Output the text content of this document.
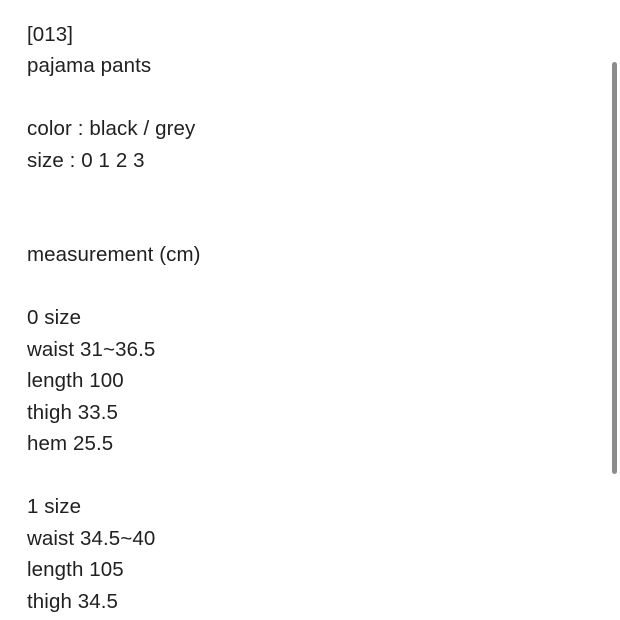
[013]
pajama pants
color : black / grey
size : 0 1 2 3
measurement (cm)
0 size
waist 31~36.5
length 100
thigh 33.5
hem 25.5
1 size
waist 34.5~40
length 105
thigh 34.5
